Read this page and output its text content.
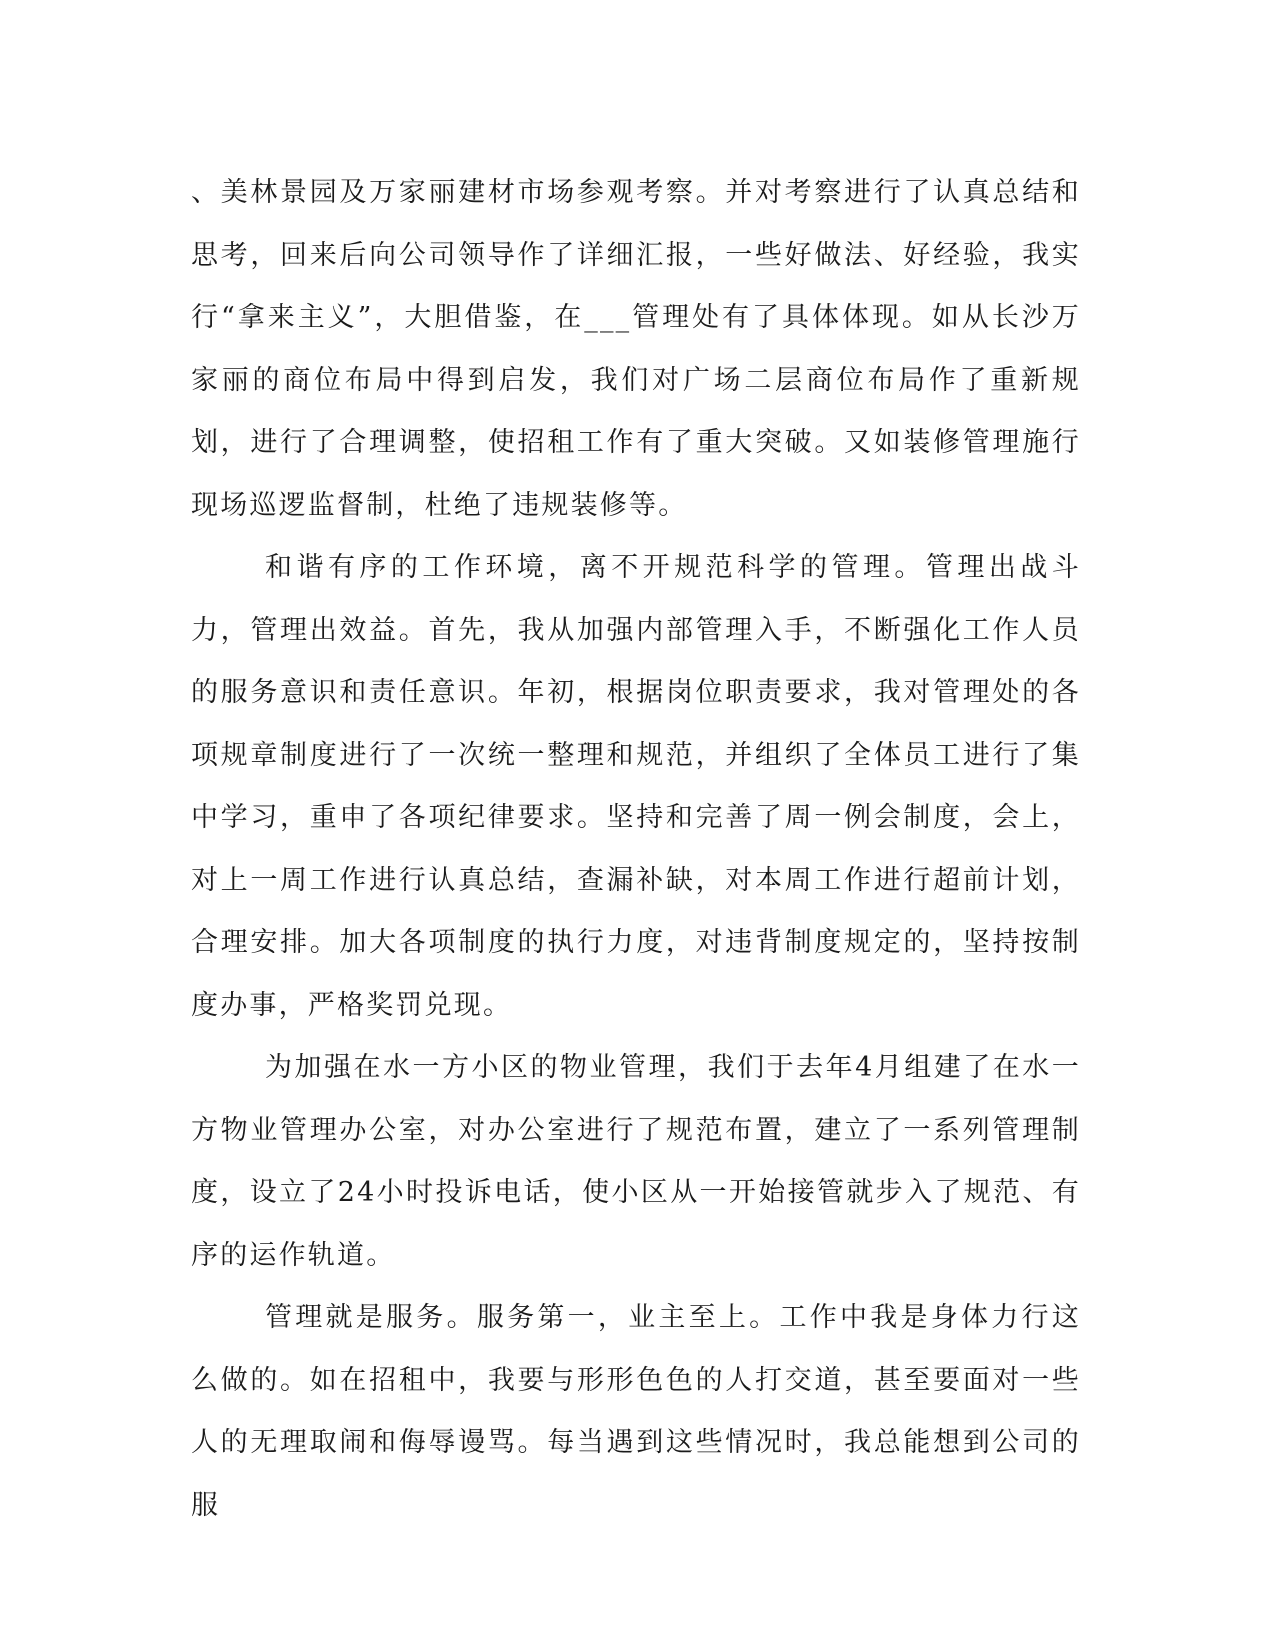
、美林景园及万家丽建材市场参观考察。并对考察进行了认真总结和思考，回来后向公司领导作了详细汇报，一些好做法、好经验，我实行“拿来主义”，大胆借鉴，在___管理处有了具体体现。如从长沙万家丽的商位布局中得到启发，我们对广场二层商位布局作了重新规划，进行了合理调整，使招租工作有了重大突破。又如装修管理施行现场巡逻监督制，杜绝了违规装修等。

和谐有序的工作环境，离不开规范科学的管理。管理出战斗力，管理出效益。首先，我从加强内部管理入手，不断强化工作人员的服务意识和责任意识。年初，根据岗位职责要求，我对管理处的各项规章制度进行了一次统一整理和规范，并组织了全体员工进行了集中学习，重申了各项纪律要求。坚持和完善了周一例会制度，会上，对上一周工作进行认真总结，查漏补缺，对本周工作进行超前计划，合理安排。加大各项制度的执行力度，对违背制度规定的，坚持按制度办事，严格奖罚兑现。

为加强在水一方小区的物业管理，我们于去年4月组建了在水一方物业管理办公室，对办公室进行了规范布置，建立了一系列管理制度，设立了24小时投诉电话，使小区从一开始接管就步入了规范、有序的运作轨道。

管理就是服务。服务第一，业主至上。工作中我是身体力行这么做的。如在招租中，我要与形形色色的人打交道，甚至要面对一些人的无理取闹和侮辱谩骂。每当遇到这些情况时，我总能想到公司的服
